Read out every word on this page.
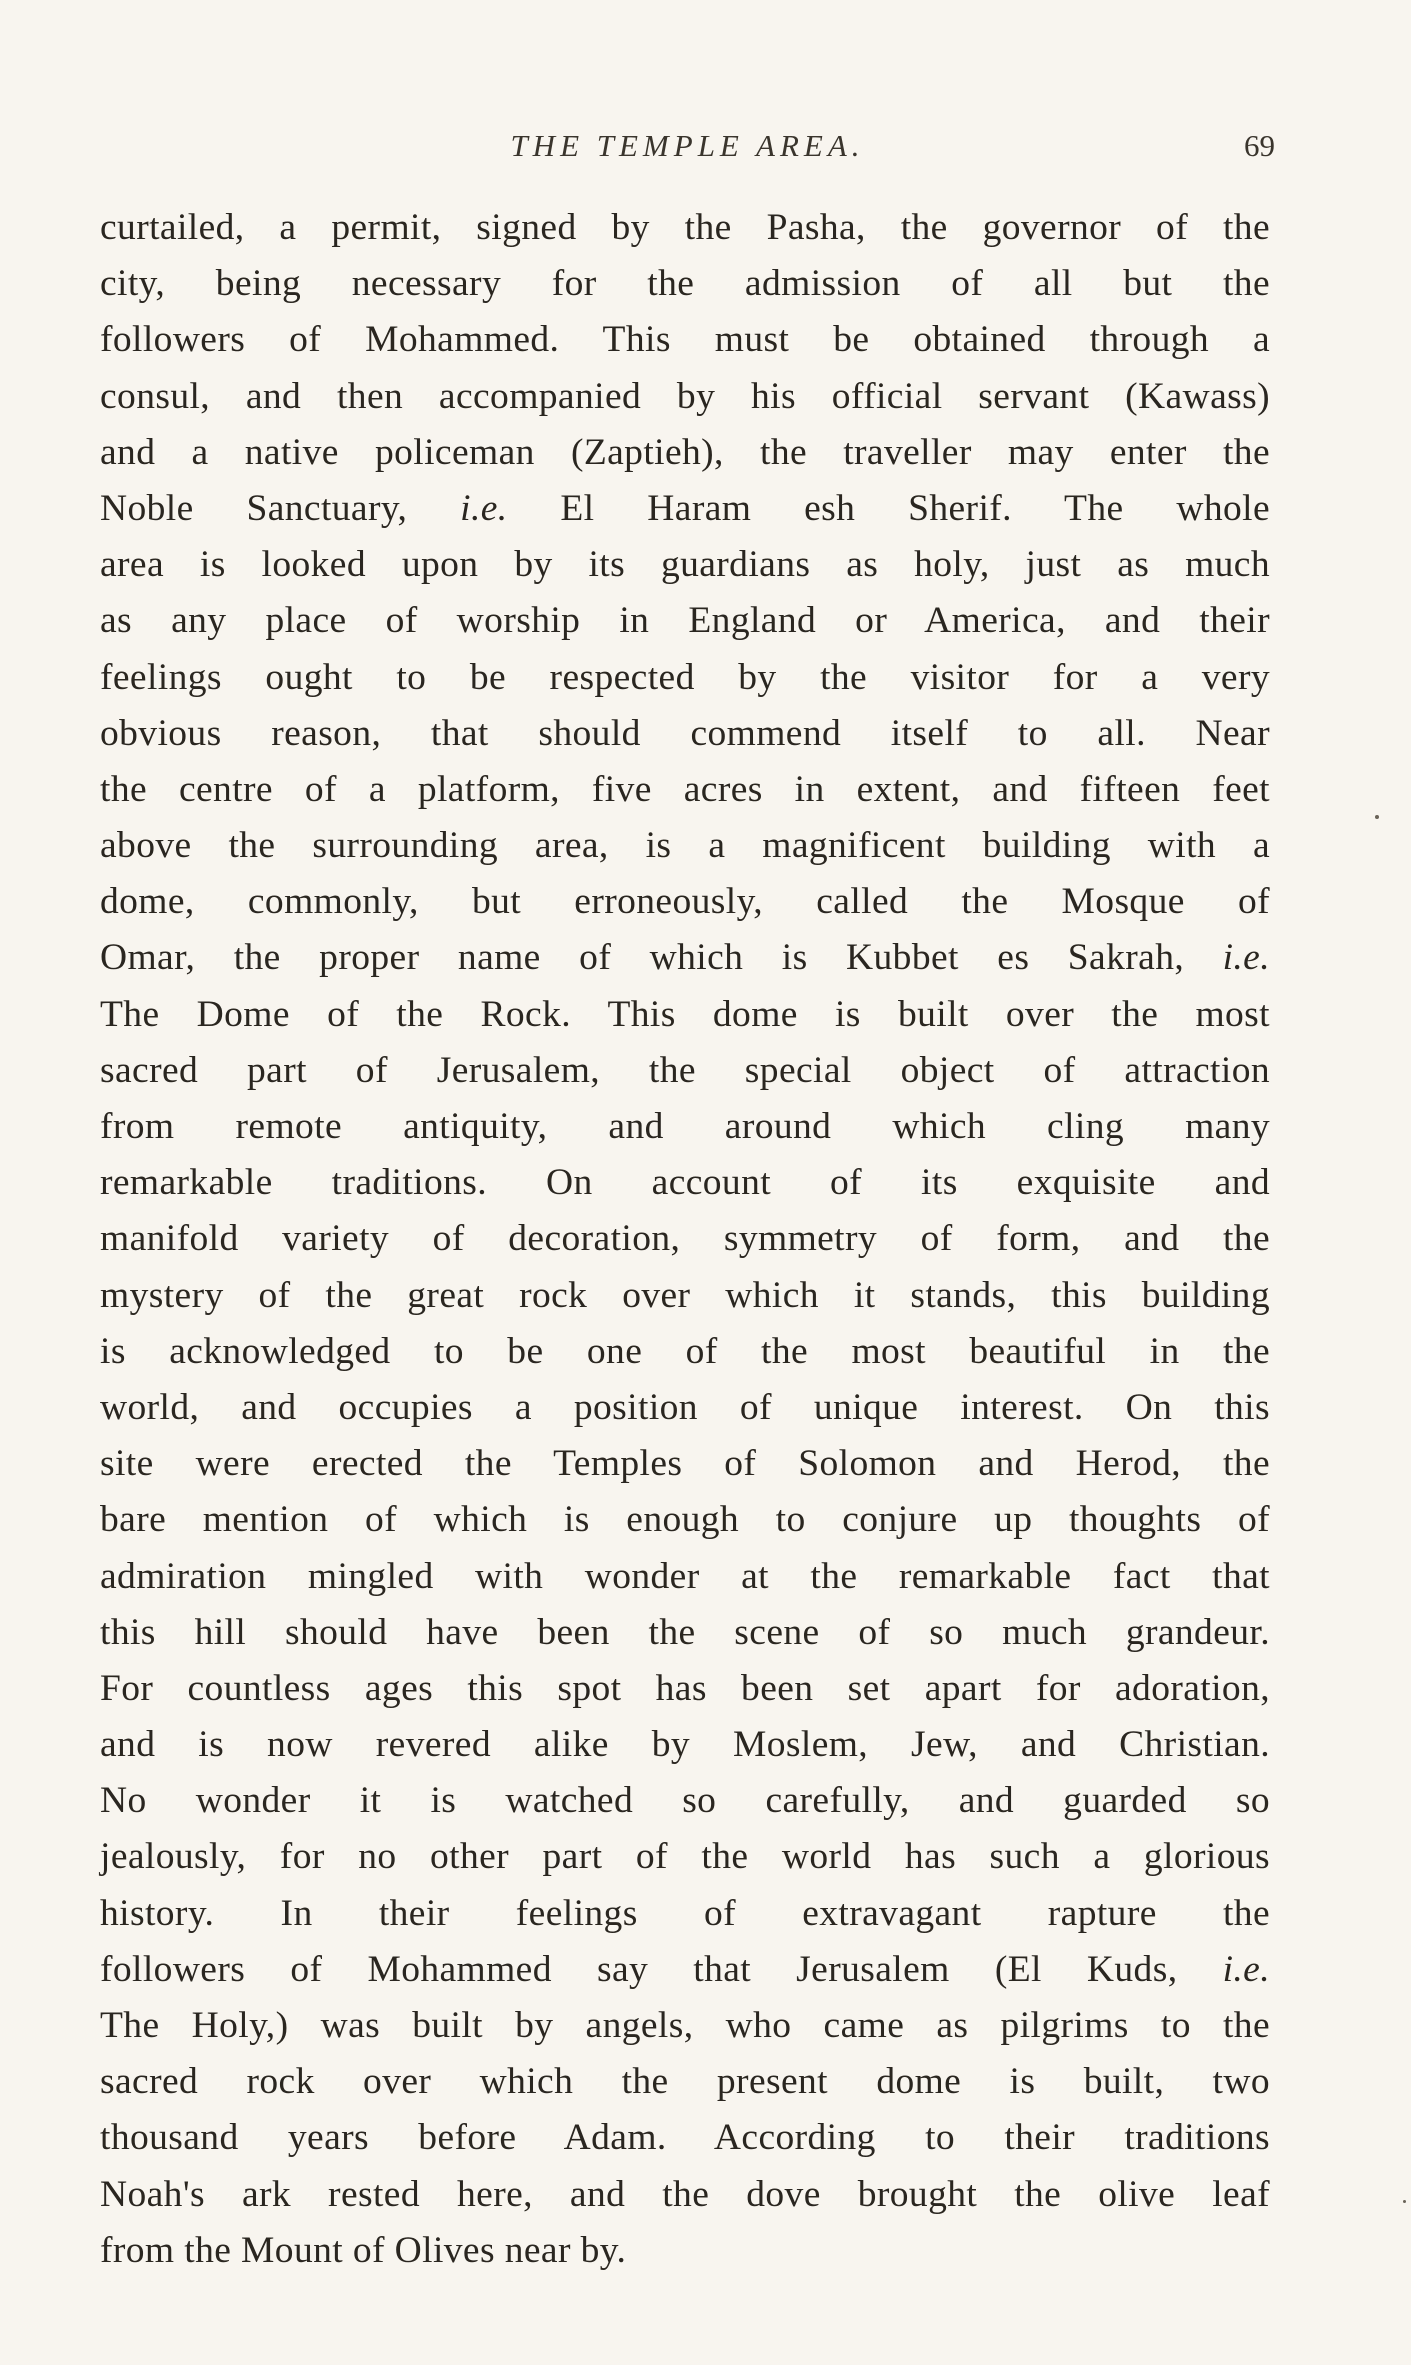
THE TEMPLE AREA.	69
curtailed, a permit, signed by the Pasha, the governor of the
city, being necessary for the admission of all but the
followers of Mohammed. This must be obtained through a
consul, and then accompanied by his official servant (Kawass)
and a native policeman (Zaptieh), the traveller may enter the
Noble Sanctuary, i.e. El Haram esh Sherif. The whole
area is looked upon by its guardians as holy, just as much
as any place of worship in England or America, and their
feelings ought to be respected by the visitor for a very
obvious reason, that should commend itself to all. Near
the centre of a platform, five acres in extent, and fifteen feet
above the surrounding area, is a magnificent building with a
dome, commonly, but erroneously, called the Mosque of
Omar, the proper name of which is Kubbet es Sakrah, i.e.
The Dome of the Rock. This dome is built over the most
sacred part of Jerusalem, the special object of attraction
from remote antiquity, and around which cling many
remarkable traditions. On account of its exquisite and
manifold variety of decoration, symmetry of form, and the
mystery of the great rock over which it stands, this building
is acknowledged to be one of the most beautiful in the
world, and occupies a position of unique interest. On this
site were erected the Temples of Solomon and Herod, the
bare mention of which is enough to conjure up thoughts of
admiration mingled with wonder at the remarkable fact that
this hill should have been the scene of so much grandeur.
For countless ages this spot has been set apart for adoration,
and is now revered alike by Moslem, Jew, and Christian.
No wonder it is watched so carefully, and guarded so
jealously, for no other part of the world has such a glorious
history. In their feelings of extravagant rapture the
followers of Mohammed say that Jerusalem (El Kuds, i.e.
The Holy,) was built by angels, who came as pilgrims to the
sacred rock over which the present dome is built, two
thousand years before Adam. According to their traditions
Noah's ark rested here, and the dove brought the olive leaf
from the Mount of Olives near by.
